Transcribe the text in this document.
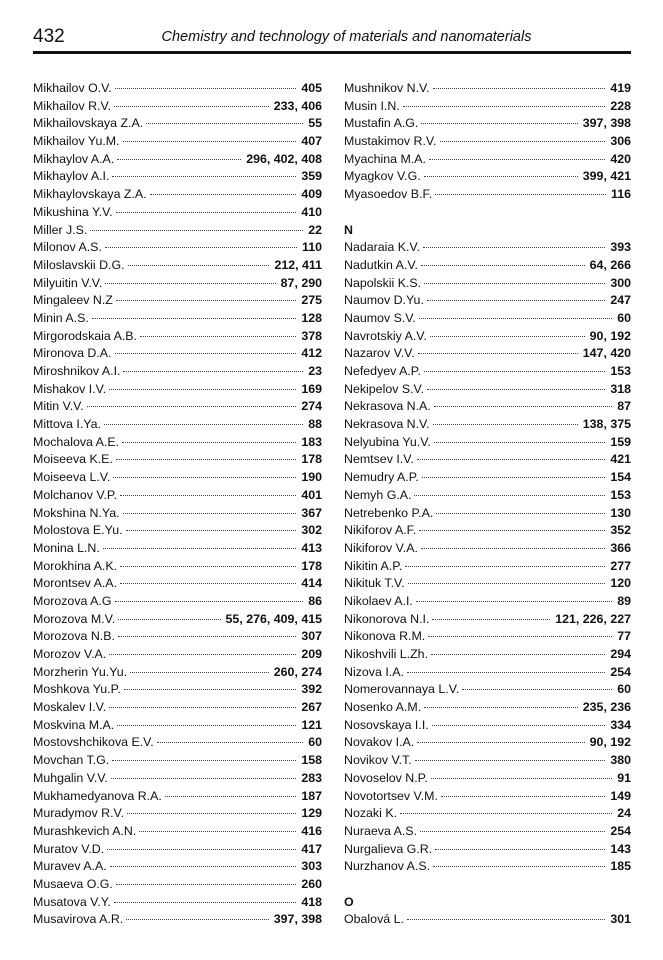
432	Chemistry and technology of materials and nanomaterials
Mikhailov O.V.	405
Mikhailov R.V.	233, 406
Mikhailovskaya Z.A.	55
Mikhailov Yu.M.	407
Mikhaylov A.A.	296, 402, 408
Mikhaylov A.I.	359
Mikhaylovskaya Z.A.	409
Mikushina Y.V.	410
Miller J.S.	22
Milonov A.S.	110
Miloslavskii D.G.	212, 411
Milyuitin V.V.	87, 290
Mingaleev N.Z	275
Minin A.S.	128
Mirgorodskaia A.B.	378
Mironova D.A.	412
Miroshnikov A.I.	23
Mishakov I.V.	169
Mitin V.V.	274
Mittova I.Ya.	88
Mochalova A.E.	183
Moiseeva K.E.	178
Moiseeva L.V.	190
Molchanov V.P.	401
Mokshina N.Ya.	367
Molostova E.Yu.	302
Monina L.N.	413
Morokhina A.K.	178
Morontsev A.A.	414
Morozova A.G	86
Morozova M.V.	55, 276, 409, 415
Morozova N.B.	307
Morozov V.A.	209
Morzherin Yu.Yu.	260, 274
Moshkova Yu.P.	392
Moskalev I.V.	267
Moskvina M.A.	121
Mostovshchikova E.V.	60
Movchan T.G.	158
Muhgalin V.V.	283
Mukhamedyanova R.A.	187
Muradymov R.V.	129
Murashkevich A.N.	416
Muratov V.D.	417
Muravev A.A.	303
Musaeva O.G.	260
Musatova V.Y.	418
Musavirova A.R.	397, 398
Mushnikov N.V.	419
Musin I.N.	228
Mustafin A.G.	397, 398
Mustakimov R.V.	306
Myachina M.A.	420
Myagkov V.G.	399, 421
Myasoedov B.F.	116
N
Nadaraia K.V.	393
Nadutkin A.V.	64, 266
Napolskii K.S.	300
Naumov D.Yu.	247
Naumov S.V.	60
Navrotskiy A.V.	90, 192
Nazarov V.V.	147, 420
Nefedyev A.P.	153
Nekipelov S.V.	318
Nekrasova N.A.	87
Nekrasova N.V.	138, 375
Nelyubina Yu.V.	159
Nemtsev I.V.	421
Nemudry A.P.	154
Nemyh G.A.	153
Netrebenko P.A.	130
Nikiforov A.F.	352
Nikiforov V.A.	366
Nikitin A.P.	277
Nikituk T.V.	120
Nikolaev A.I.	89
Nikonorova N.I.	121, 226, 227
Nikonova R.M.	77
Nikoshvili L.Zh.	294
Nizova I.A.	254
Nomerovannaya L.V.	60
Nosenko A.M.	235, 236
Nosovskaya I.I.	334
Novakov I.A.	90, 192
Novikov V.T.	380
Novoselov N.P.	91
Novotortsev V.M.	149
Nozaki K.	24
Nuraeva A.S.	254
Nurgalieva G.R.	143
Nurzhanov A.S.	185
O
Obalová L.	301
